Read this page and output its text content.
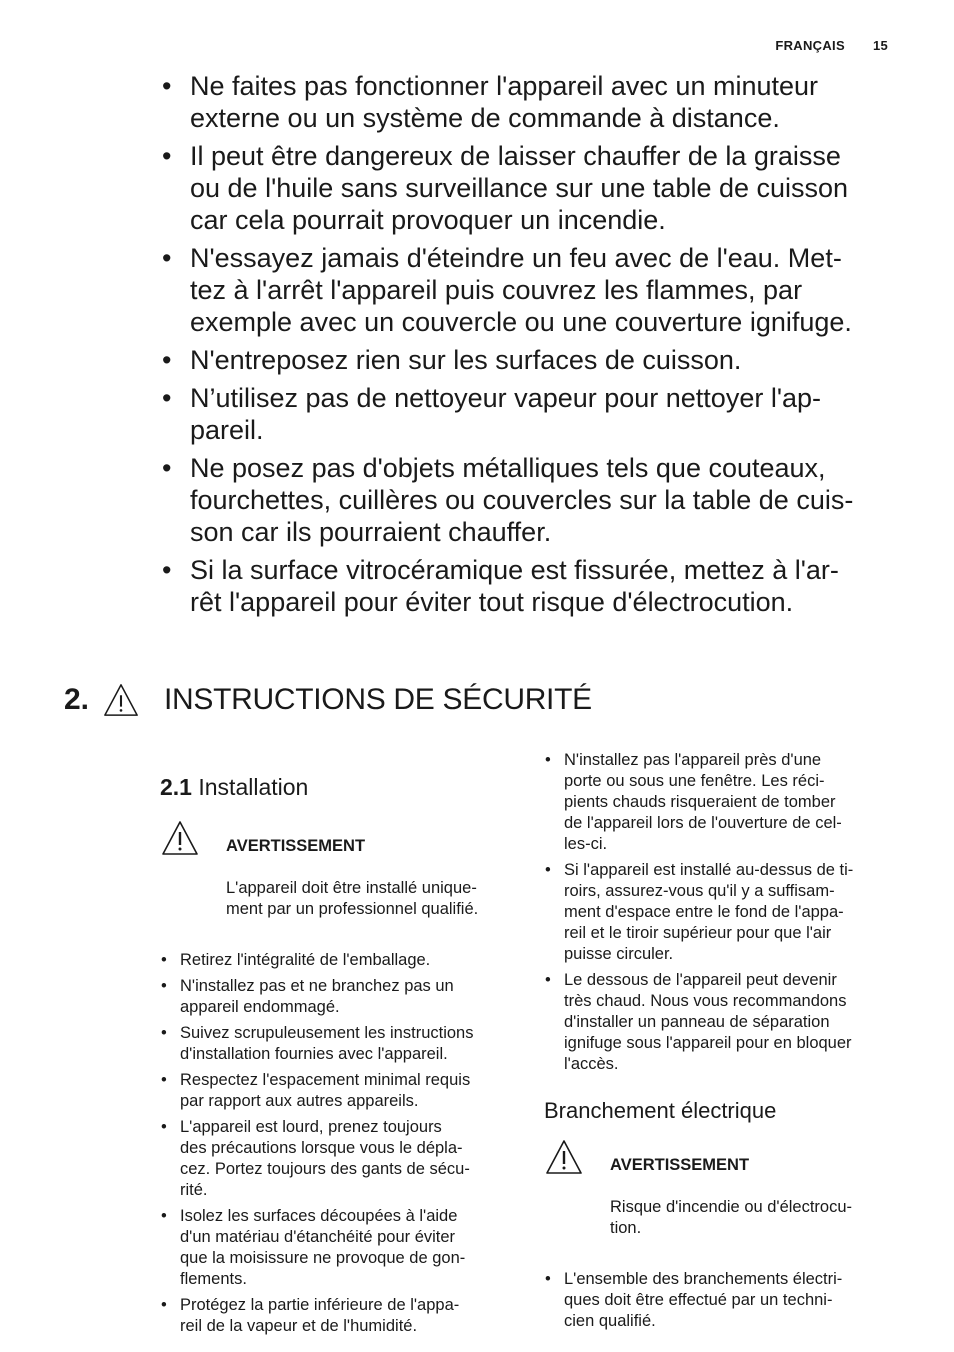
FRANÇAIS 15
• Ne faites pas fonctionner l'appareil avec un minuteur
externe ou un système de commande à distance.
• Il peut être dangereux de laisser chauffer de la graisse
ou de l'huile sans surveillance sur une table de cuisson
car cela pourrait provoquer un incendie.
• N'essayez jamais d'éteindre un feu avec de l'eau. Met-
tez à l'arrêt l'appareil puis couvrez les flammes, par
exemple avec un couvercle ou une couverture ignifuge.
• N'entreposez rien sur les surfaces de cuisson.
• N’utilisez pas de nettoyeur vapeur pour nettoyer l'ap-
pareil.
• Ne posez pas d'objets métalliques tels que couteaux,
fourchettes, cuillères ou couvercles sur la table de cuis-
son car ils pourraient chauffer.
• Si la surface vitrocéramique est fissurée, mettez à l'ar-
rêt l'appareil pour éviter tout risque d'électrocution.
2.	INSTRUCTIONS DE SÉCURITÉ
2.1 Installation

AVERTISSEMENT

L'appareil doit être installé unique-
ment par un professionnel qualifié.

• Retirez l'intégralité de l'emballage.
• N'installez pas et ne branchez pas un
appareil endommagé.
• Suivez scrupuleusement les instructions
d'installation fournies avec l'appareil.
• Respectez l'espacement minimal requis
par rapport aux autres appareils.
• L'appareil est lourd, prenez toujours
des précautions lorsque vous le dépla-
cez. Portez toujours des gants de sécu-
rité.
• Isolez les surfaces découpées à l'aide
d'un matériau d'étanchéité pour éviter
que la moisissure ne provoque de gon-
flements.
• Protégez la partie inférieure de l'appa-
reil de la vapeur et de l'humidité.
• N'installez pas l'appareil près d'une
porte ou sous une fenêtre. Les réci-
pients chauds risqueraient de tomber
de l'appareil lors de l'ouverture de cel-
les-ci.
• Si l'appareil est installé au-dessus de ti-
roirs, assurez-vous qu'il y a suffisam-
ment d'espace entre le fond de l'appa-
reil et le tiroir supérieur pour que l'air
puisse circuler.
• Le dessous de l'appareil peut devenir
très chaud. Nous vous recommandons
d'installer un panneau de séparation
ignifuge sous l'appareil pour en bloquer
l'accès.
Branchement électrique

AVERTISSEMENT

Risque d'incendie ou d'électrocu-
tion.

• L'ensemble des branchements électri-
ques doit être effectué par un techni-
cien qualifié.
